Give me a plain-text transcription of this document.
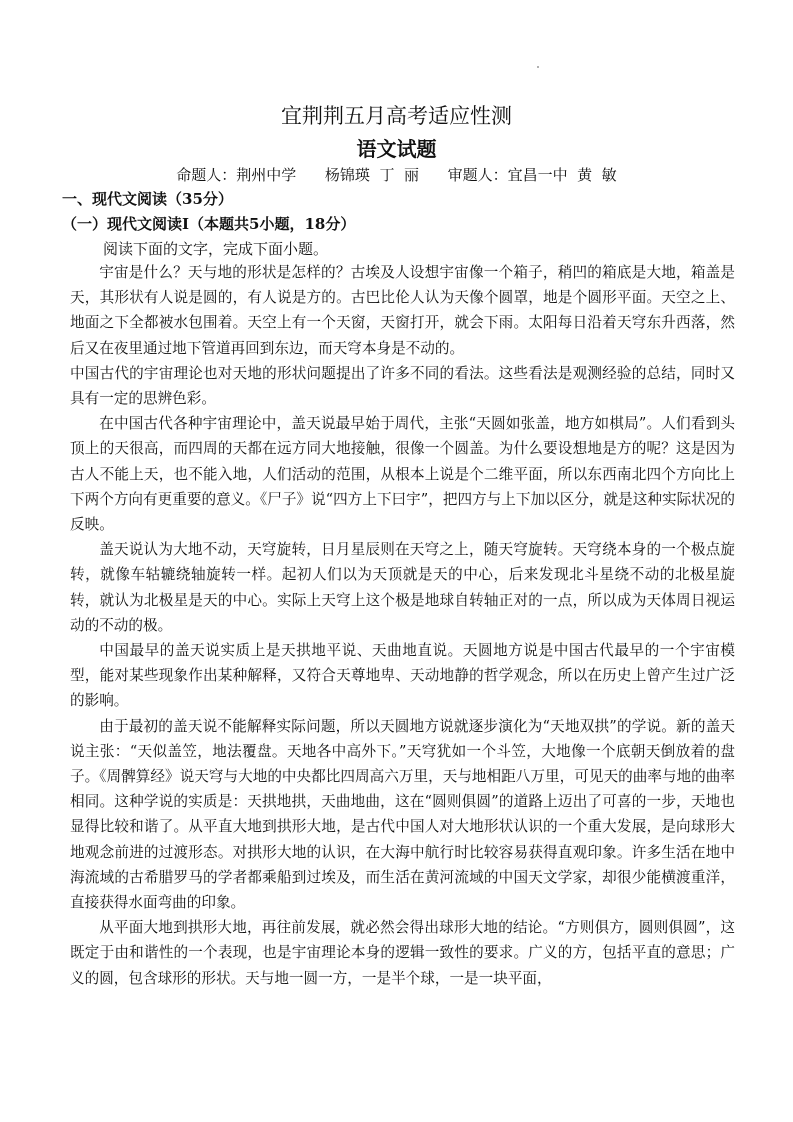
宜荆荆五月高考适应性测
语文试题
命题人：荆州中学 杨锦瑛  丁  丽 审题人：宜昌一中  黄  敏
一、现代文阅读（35分）
（一）现代文阅读Ⅰ（本题共5小题，18分）
阅读下面的文字，完成下面小题。

宇宙是什么？天与地的形状是怎样的？古埃及人设想宇宙像一个箱子，稍凹的箱底是大地，箱盖是天，其形状有人说是圆的，有人说是方的。古巴比伦人认为天像个圆罩，地是个圆形平面。天空之上、地面之下全都被水包围着。天空上有一个天窗，天窗打开，就会下雨。太阳每日沿着天穹东升西落，然后又在夜里通过地下管道再回到东边，而天穹本身是不动的。

中国古代的宇宙理论也对天地的形状问题提出了许多不同的看法。这些看法是观测经验的总结，同时又具有一定的思辨色彩。

在中国古代各种宇宙理论中，盖天说最早始于周代，主张“天圆如张盖，地方如棋局”。人们看到头顶上的天很高，而四周的天都在远方同大地接触，很像一个圆盖。为什么要设想地是方的呢？这是因为古人不能上天，也不能入地，人们活动的范围，从根本上说是个二维平面，所以东西南北四个方向比上下两个方向有更重要的意义。《尸子》说“四方上下曰宇”，把四方与上下加以区分，就是这种实际状况的反映。

盖天说认为大地不动，天穹旋转，日月星辰则在天穹之上，随天穹旋转。天穹绕本身的一个极点旋转，就像车轱辘绕轴旋转一样。起初人们以为天顶就是天的中心，后来发现北斗星绕不动的北极星旋转，就认为北极星是天的中心。实际上天穹上这个极是地球自转轴正对的一点，所以成为天体周日视运动的不动的极。

中国最早的盖天说实质上是天拱地平说、天曲地直说。天圆地方说是中国古代最早的一个宇宙模型，能对某些现象作出某种解释，又符合天尊地卑、天动地静的哲学观念，所以在历史上曾产生过广泛的影响。

由于最初的盖天说不能解释实际问题，所以天圆地方说就逐步演化为“天地双拱”的学说。新的盖天说主张：“天似盖笠，地法覆盘。天地各中高外下。”天穹犹如一个斗笠，大地像一个底朝天倒放着的盘子。《周髀算经》说天穹与大地的中央都比四周高六万里，天与地相距八万里，可见天的曲率与地的曲率相同。这种学说的实质是：天拱地拱，天曲地曲，这在“圆则俱圆”的道路上迈出了可喜的一步，天地也显得比较和谐了。从平直大地到拱形大地，是古代中国人对大地形状认识的一个重大发展，是向球形大地观念前进的过渡形态。对拱形大地的认识，在大海中航行时比较容易获得直观印象。许多生活在地中海流域的古希腊罗马的学者都乘船到过埃及，而生活在黄河流域的中国天文学家，却很少能横渡重洋，直接获得水面弯曲的印象。

从平面大地到拱形大地，再往前发展，就必然会得出球形大地的结论。“方则俱方，圆则俱圆”，这既定于由和谐性的一个表现，也是宇宙理论本身的逻辑一致性的要求。广义的方，包括平直的意思；广义的圆，包含球形的形状。天与地一圆一方，一是半个球，一是一块平面，
